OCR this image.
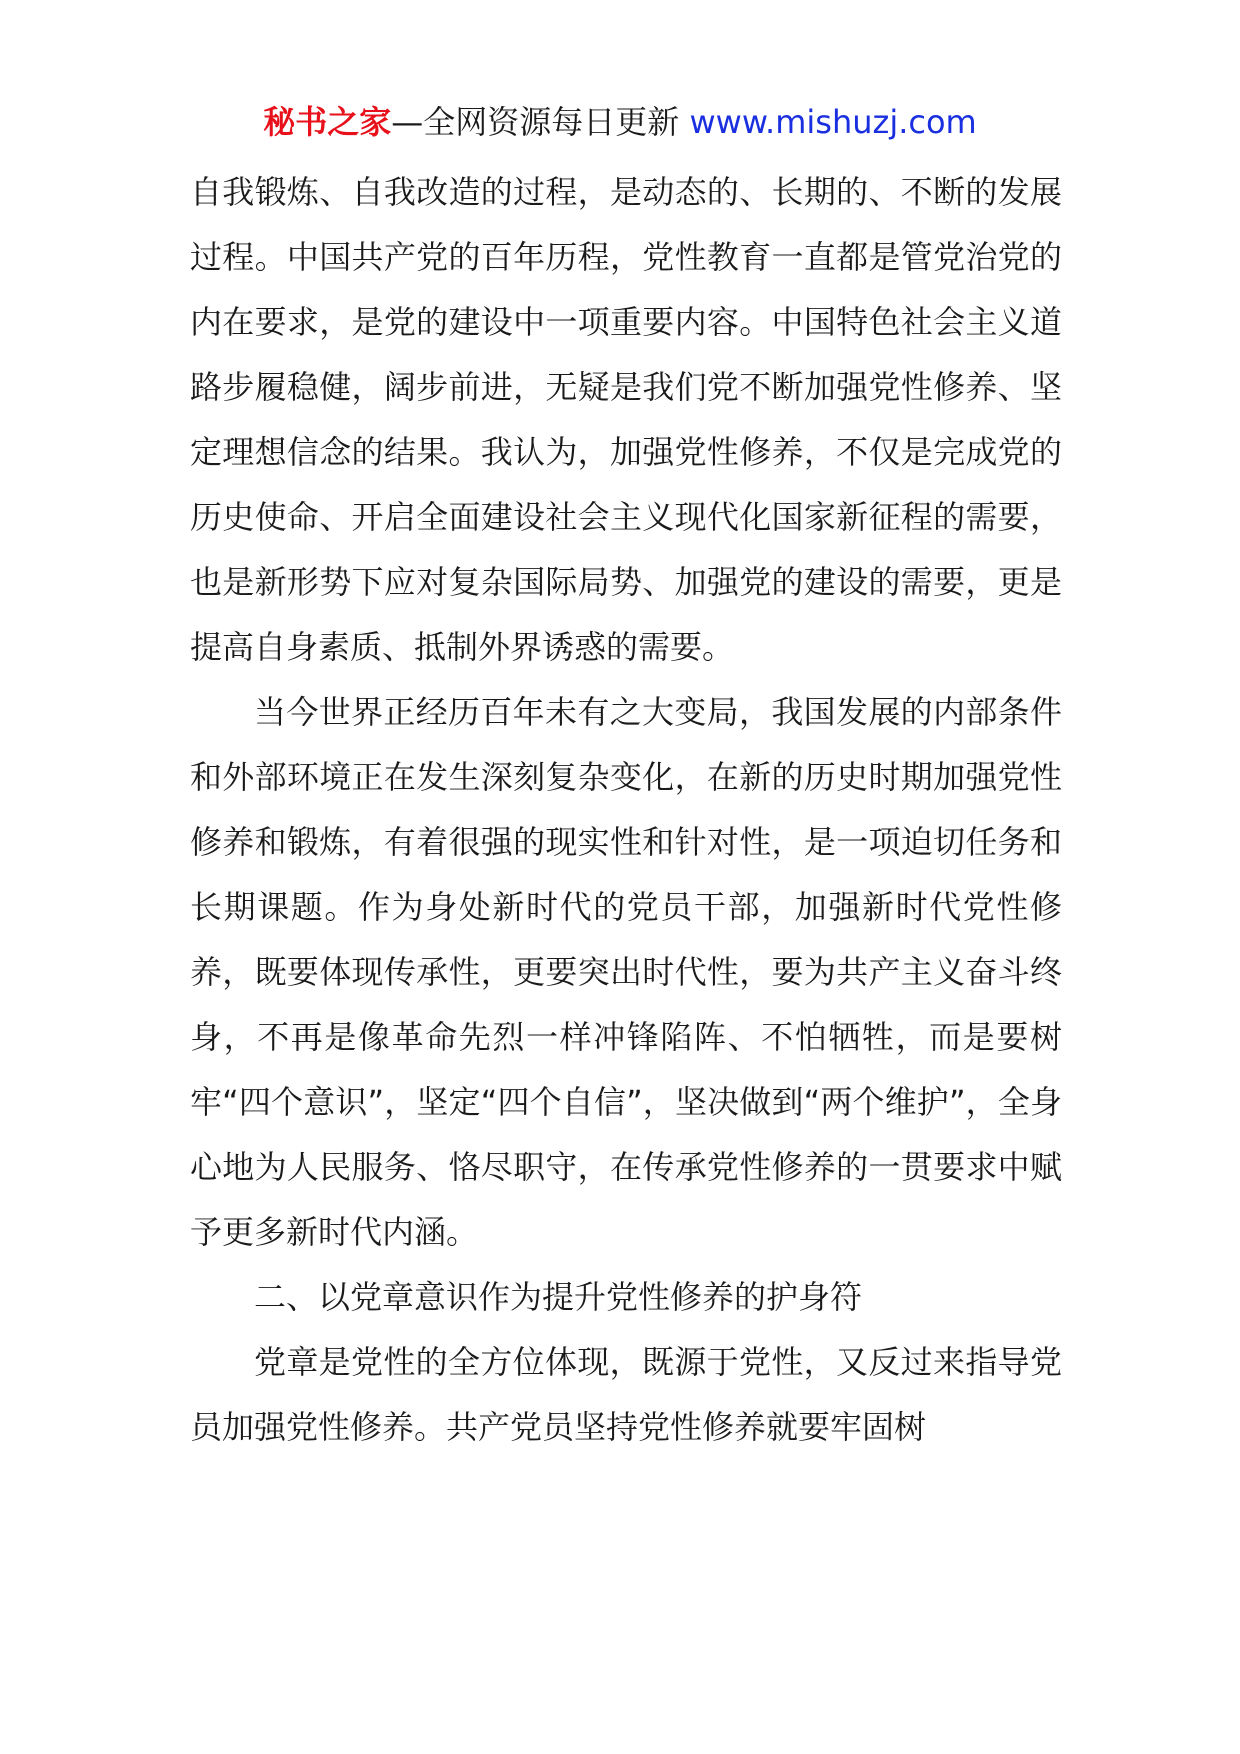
秘书之家—全网资源每日更新 www.mishuzj.com

自我锻炼、自我改造的过程，是动态的、长期的、不断的发展过程。中国共产党的百年历程，党性教育一直都是管党治党的内在要求，是党的建设中一项重要内容。中国特色社会主义道路步履稳健，阔步前进，无疑是我们党不断加强党性修养、坚定理想信念的结果。我认为，加强党性修养，不仅是完成党的历史使命、开启全面建设社会主义现代化国家新征程的需要，也是新形势下应对复杂国际局势、加强党的建设的需要，更是提高自身素质、抵制外界诱惑的需要。

当今世界正经历百年未有之大变局，我国发展的内部条件和外部环境正在发生深刻复杂变化，在新的历史时期加强党性修养和锻炼，有着很强的现实性和针对性，是一项迫切任务和长期课题。作为身处新时代的党员干部，加强新时代党性修养，既要体现传承性，更要突出时代性，要为共产主义奋斗终身，不再是像革命先烈一样冲锋陷阵、不怕牺牲，而是要树牢“四个意识”，坚定“四个自信”，坚决做到“两个维护”，全身心地为人民服务、恪尽职守，在传承党性修养的一贯要求中赋予更多新时代内涵。

二、以党章意识作为提升党性修养的护身符

党章是党性的全方位体现，既源于党性，又反过来指导党员加强党性修养。共产党员坚持党性修养就要牢固树
